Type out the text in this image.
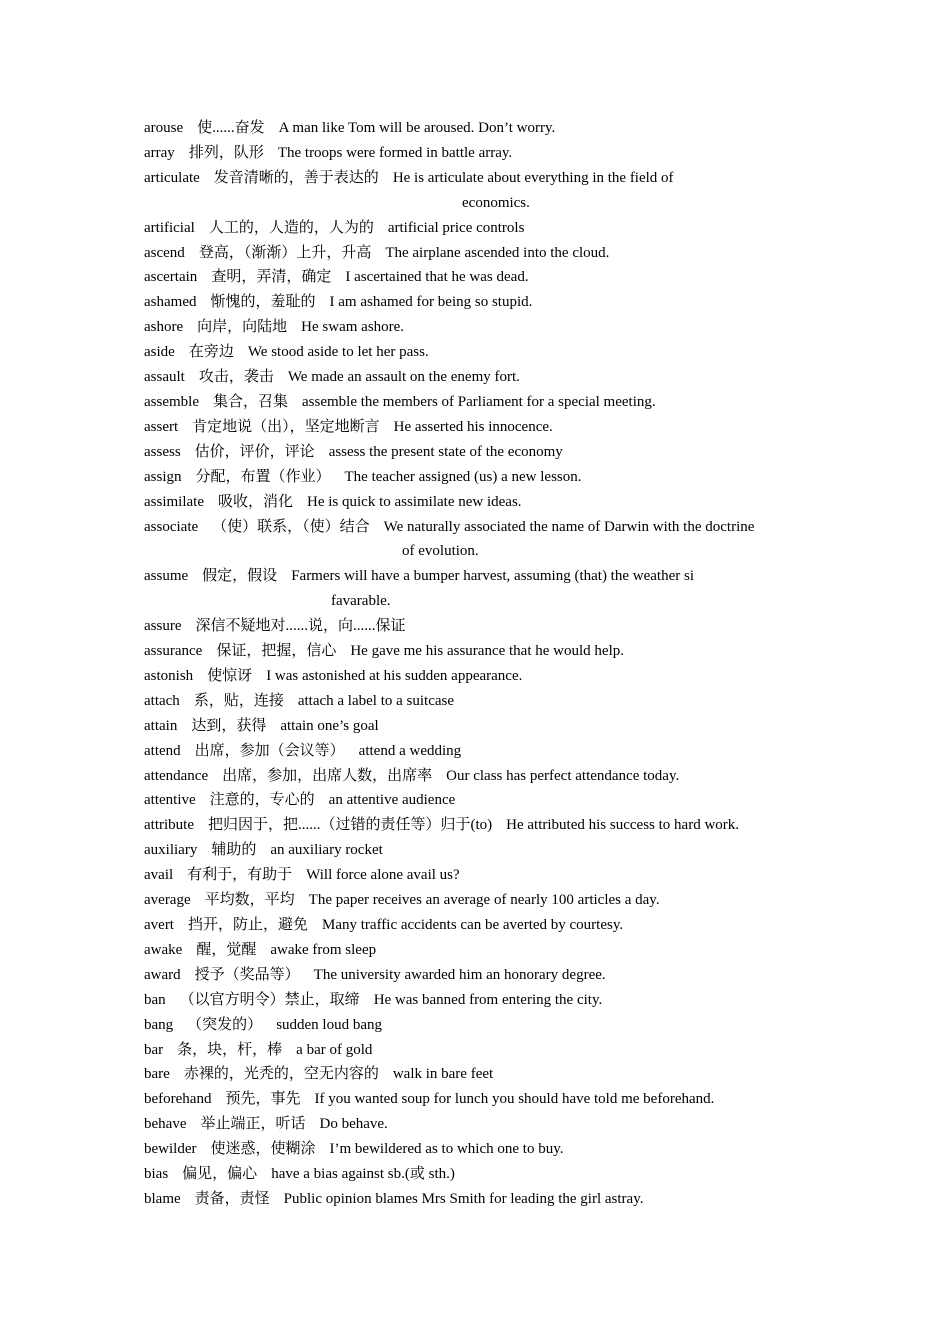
arouse 使......奋发 A man like Tom will be aroused. Don’t worry.
array 排列，队形 The troops were formed in battle array.
articulate 发音清晰的，善于表达的 He is articulate about everything in the field of
economics.
artificial 人工的，人造的，人为的 artificial price controls
ascend 登高，（渐渐）上升，升高 The airplane ascended into the cloud.
ascertain 查明，弄清，确定 I ascertained that he was dead.
ashamed 惭愧的，羞耻的 I am ashamed for being so stupid.
ashore 向岸，向陆地 He swam ashore.
aside 在旁边 We stood aside to let her pass.
assault 攻击，袭击 We made an assault on the enemy fort.
assemble 集合，召集 assemble the members of Parliament for a special meeting.
assert 肯定地说（出），坚定地断言 He asserted his innocence.
assess 估价，评价，评论 assess the present state of the economy
assign 分配，布置（作业） The teacher assigned (us) a new lesson.
assimilate 吸收，消化 He is quick to assimilate new ideas.
associate （使）联系，（使）结合 We naturally associated the name of Darwin with the doctrine
of evolution.
assume 假定，假设 Farmers will have a bumper harvest, assuming (that) the weather si
favarable.
assure 深信不疑地对......说，向......保证
assurance 保证，把握，信心 He gave me his assurance that he would help.
astonish 使惊讶 I was astonished at his sudden appearance.
attach 系，贴，连接 attach a label to a suitcase
attain 达到，获得 attain one’s goal
attend 出席，参加（会议等） attend a wedding
attendance 出席，参加，出席人数，出席率 Our class has perfect attendance today.
attentive 注意的，专心的 an attentive audience
attribute 把归因于，把......（过错的责任等）归于(to) He attributed his success to hard work.
auxiliary 辅助的 an auxiliary rocket
avail 有利于，有助于 Will force alone avail us?
average 平均数，平均 The paper receives an average of nearly 100 articles a day.
avert 挡开，防止，避免 Many traffic accidents can be averted by courtesy.
awake 醒，觉醒 awake from sleep
award 授予（奖品等） The university awarded him an honorary degree.
ban （以官方明令）禁止，取缔 He was banned from entering the city.
bang （突发的） sudden loud bang
bar 条，块，杆，棒 a bar of gold
bare 赤裸的，光秃的，空无内容的 walk in bare feet
beforehand 预先，事先 If you wanted soup for lunch you should have told me beforehand.
behave 举止端正，听话 Do behave.
bewilder 使迷惑，使糊涂 I’m bewildered as to which one to buy.
bias 偏见，偏心 have a bias against sb.(或 sth.)
blame 责备，责怪 Public opinion blames Mrs Smith for leading the girl astray.
